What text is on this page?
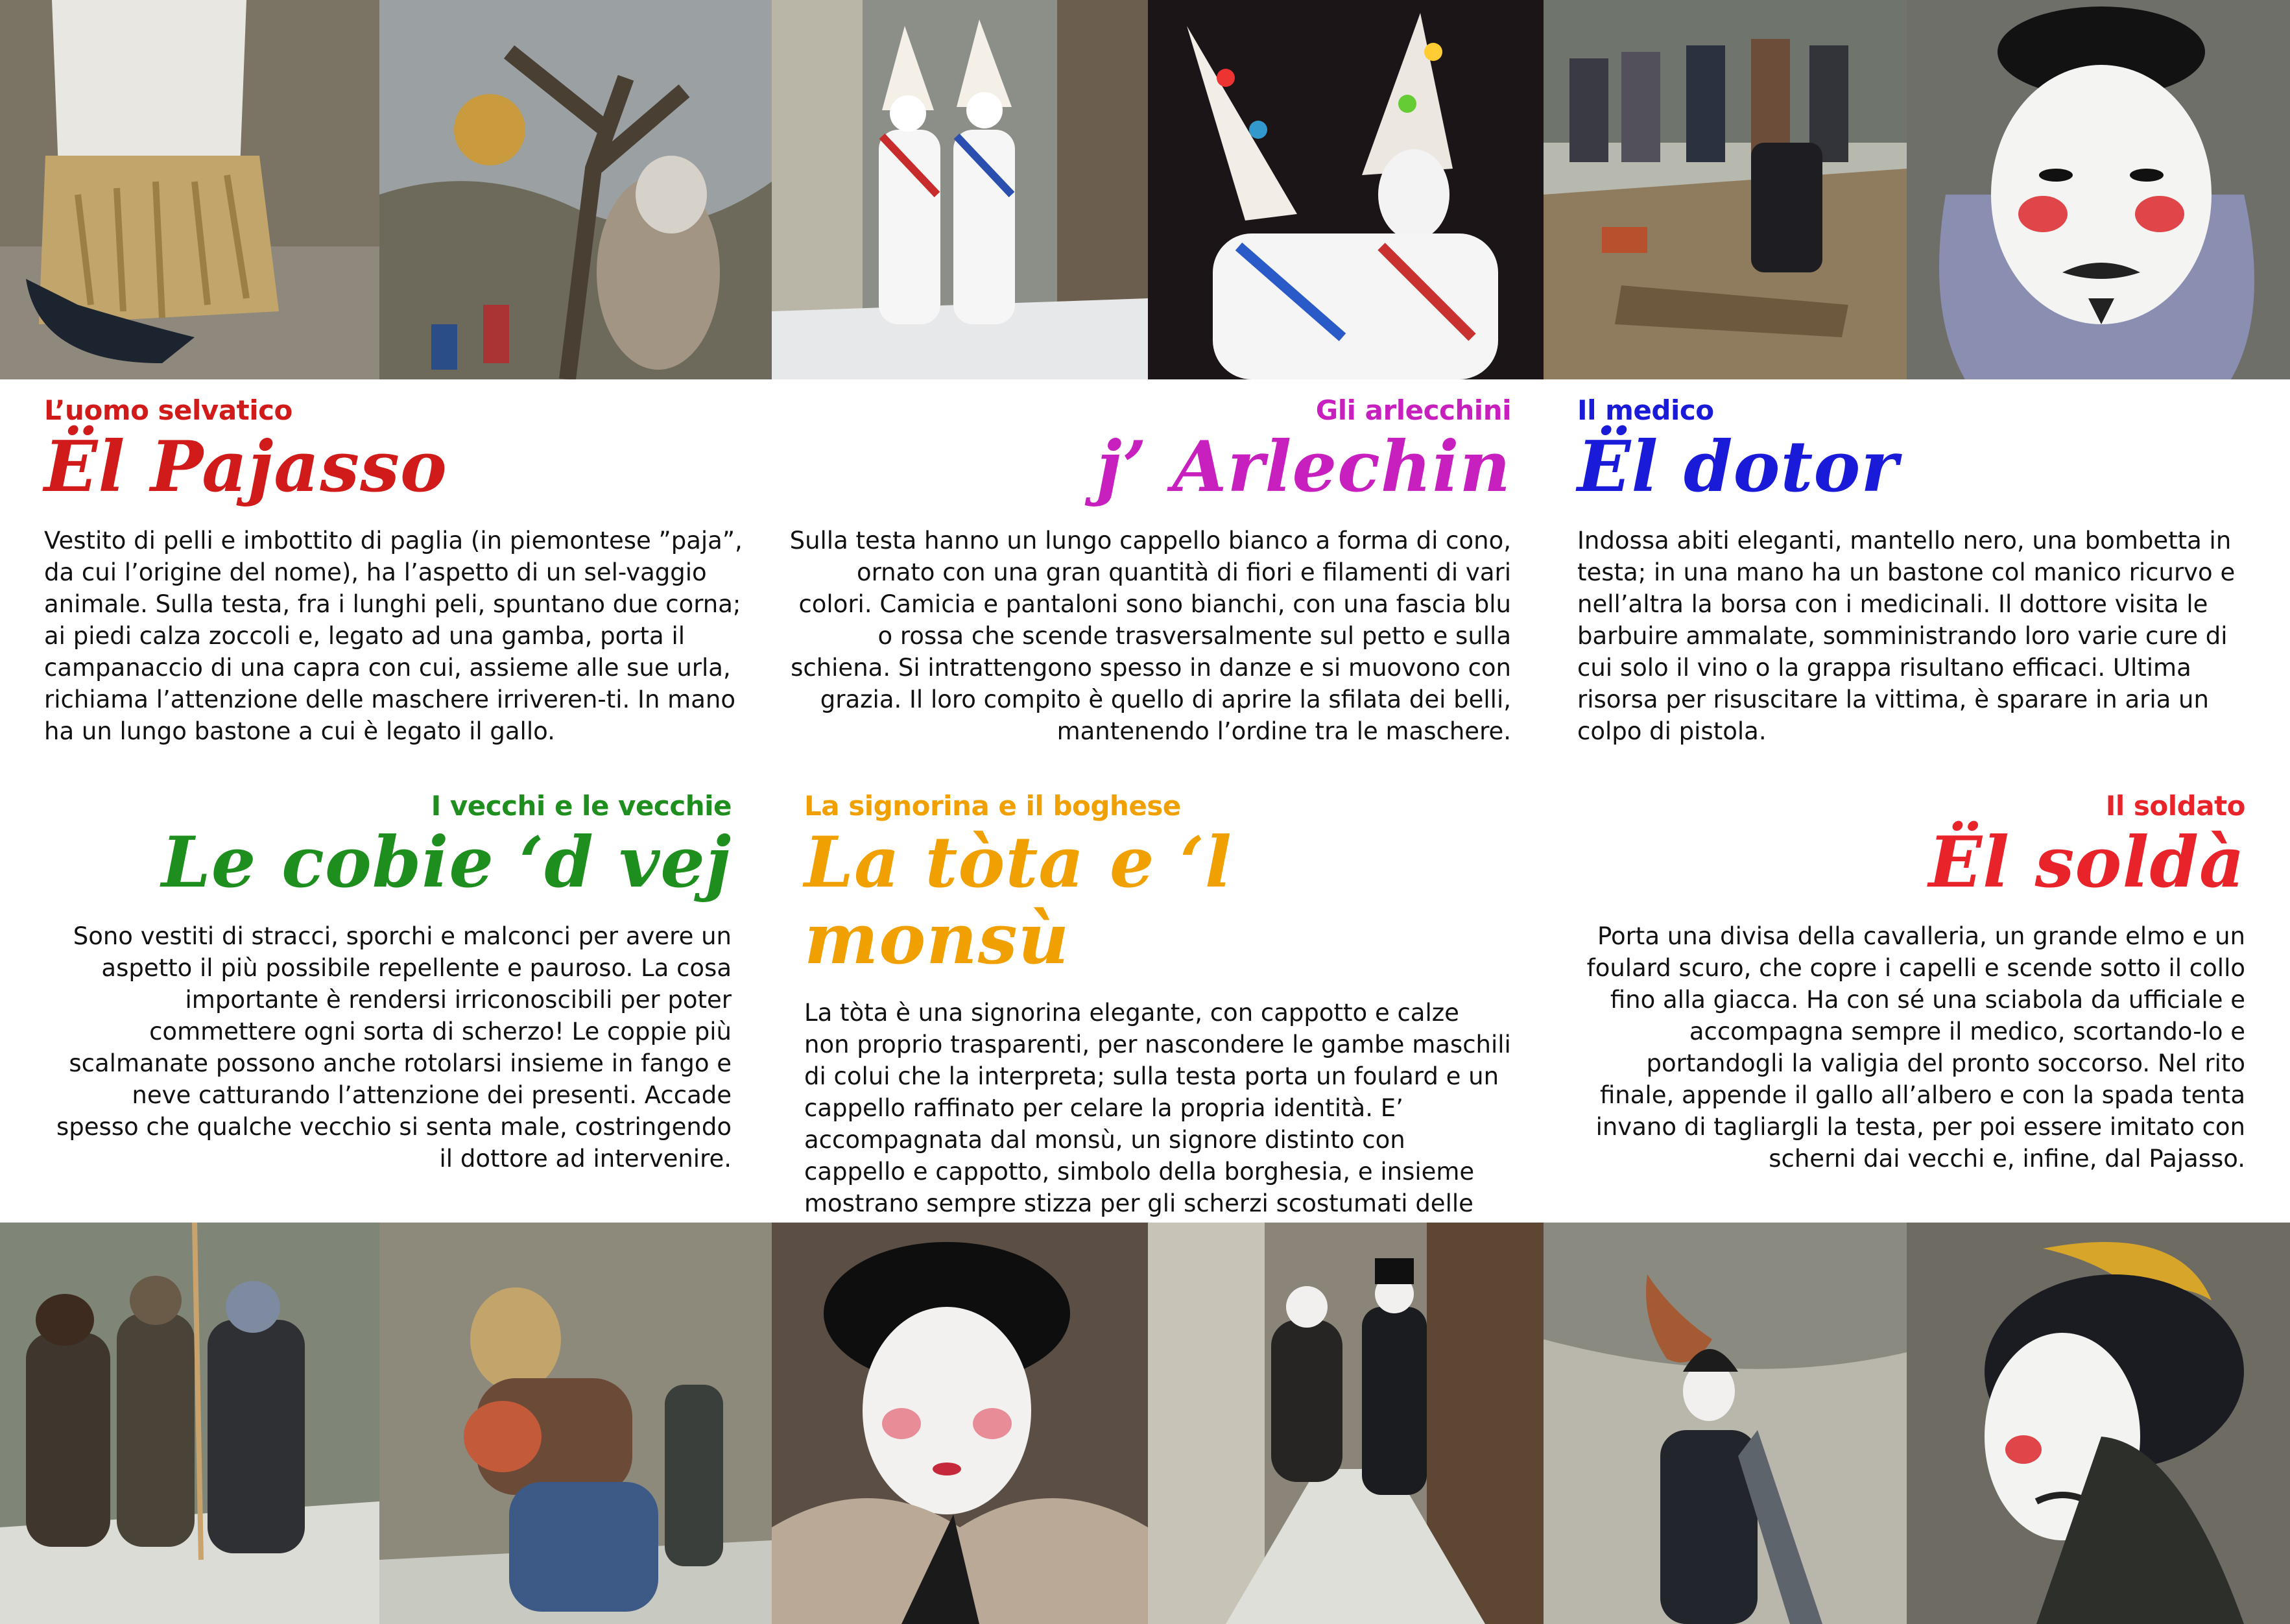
L’uomo selvatico
Ël Pajasso

Vestito di pelli e imbottito di paglia (in piemontese ”paja”, da cui l’origine del nome), ha l’aspetto di un sel-vaggio animale. Sulla testa, fra i lunghi peli, spuntano due corna; ai piedi calza zoccoli e, legato ad una gamba, porta il campanaccio di una capra con cui, assieme alle sue urla, richiama l’attenzione delle maschere irriveren-ti. In mano ha un lungo bastone a cui è legato il gallo.

Gli arlecchini
j’ Arlechin

Sulla testa hanno un lungo cappello bianco a forma di cono, ornato con una gran quantità di fiori e filamenti di vari colori. Camicia e pantaloni sono bianchi, con una fascia blu o rossa che scende trasversalmente sul petto e sulla schiena. Si intrattengono spesso in danze e si muovono con grazia. Il loro compito è quello di aprire la sfilata dei belli, mantenendo l’ordine tra le maschere.

Il medico
Ël dotor

Indossa abiti eleganti, mantello nero, una bombetta in testa; in una mano ha un bastone col manico ricurvo e nell’altra la borsa con i medicinali. Il dottore visita le barbuire ammalate, somministrando loro varie cure di cui solo il vino o la grappa risultano efficaci. Ultima risorsa per risuscitare la vittima, è sparare in aria un colpo di pistola.

I vecchi e le vecchie
Le cobie ‘d vej

Sono vestiti di stracci, sporchi e malconci per avere un aspetto il più possibile repellente e pauroso. La cosa importante è rendersi irriconoscibili per poter commettere ogni sorta di scherzo! Le coppie più scalmanate possono anche rotolarsi insieme in fango e neve catturando l’attenzione dei presenti. Accade spesso che qualche vecchio si senta male, costringendo il dottore ad intervenire.

La signorina e il boghese
La tòta e ‘l monsù

La tòta è una signorina elegante, con cappotto e calze non proprio trasparenti, per nascondere le gambe maschili di colui che la interpreta; sulla testa porta un foulard e un cappello raffinato per celare la propria identità. E’ accompagnata dal monsù, un signore distinto con cappello e cappotto, simbolo della borghesia, e insieme mostrano sempre stizza per gli scherzi scostumati delle

Il soldato
Ël soldà

Porta una divisa della cavalleria, un grande elmo e un foulard scuro, che copre i capelli e scende sotto il collo fino alla giacca. Ha con sé una sciabola da ufficiale e accompagna sempre il medico, scortando-lo e portandogli la valigia del pronto soccorso. Nel rito finale, appende il gallo all’albero e con la spada tenta invano di tagliargli la testa, per poi essere imitato con scherni dai vecchi e, infine, dal Pajasso.
